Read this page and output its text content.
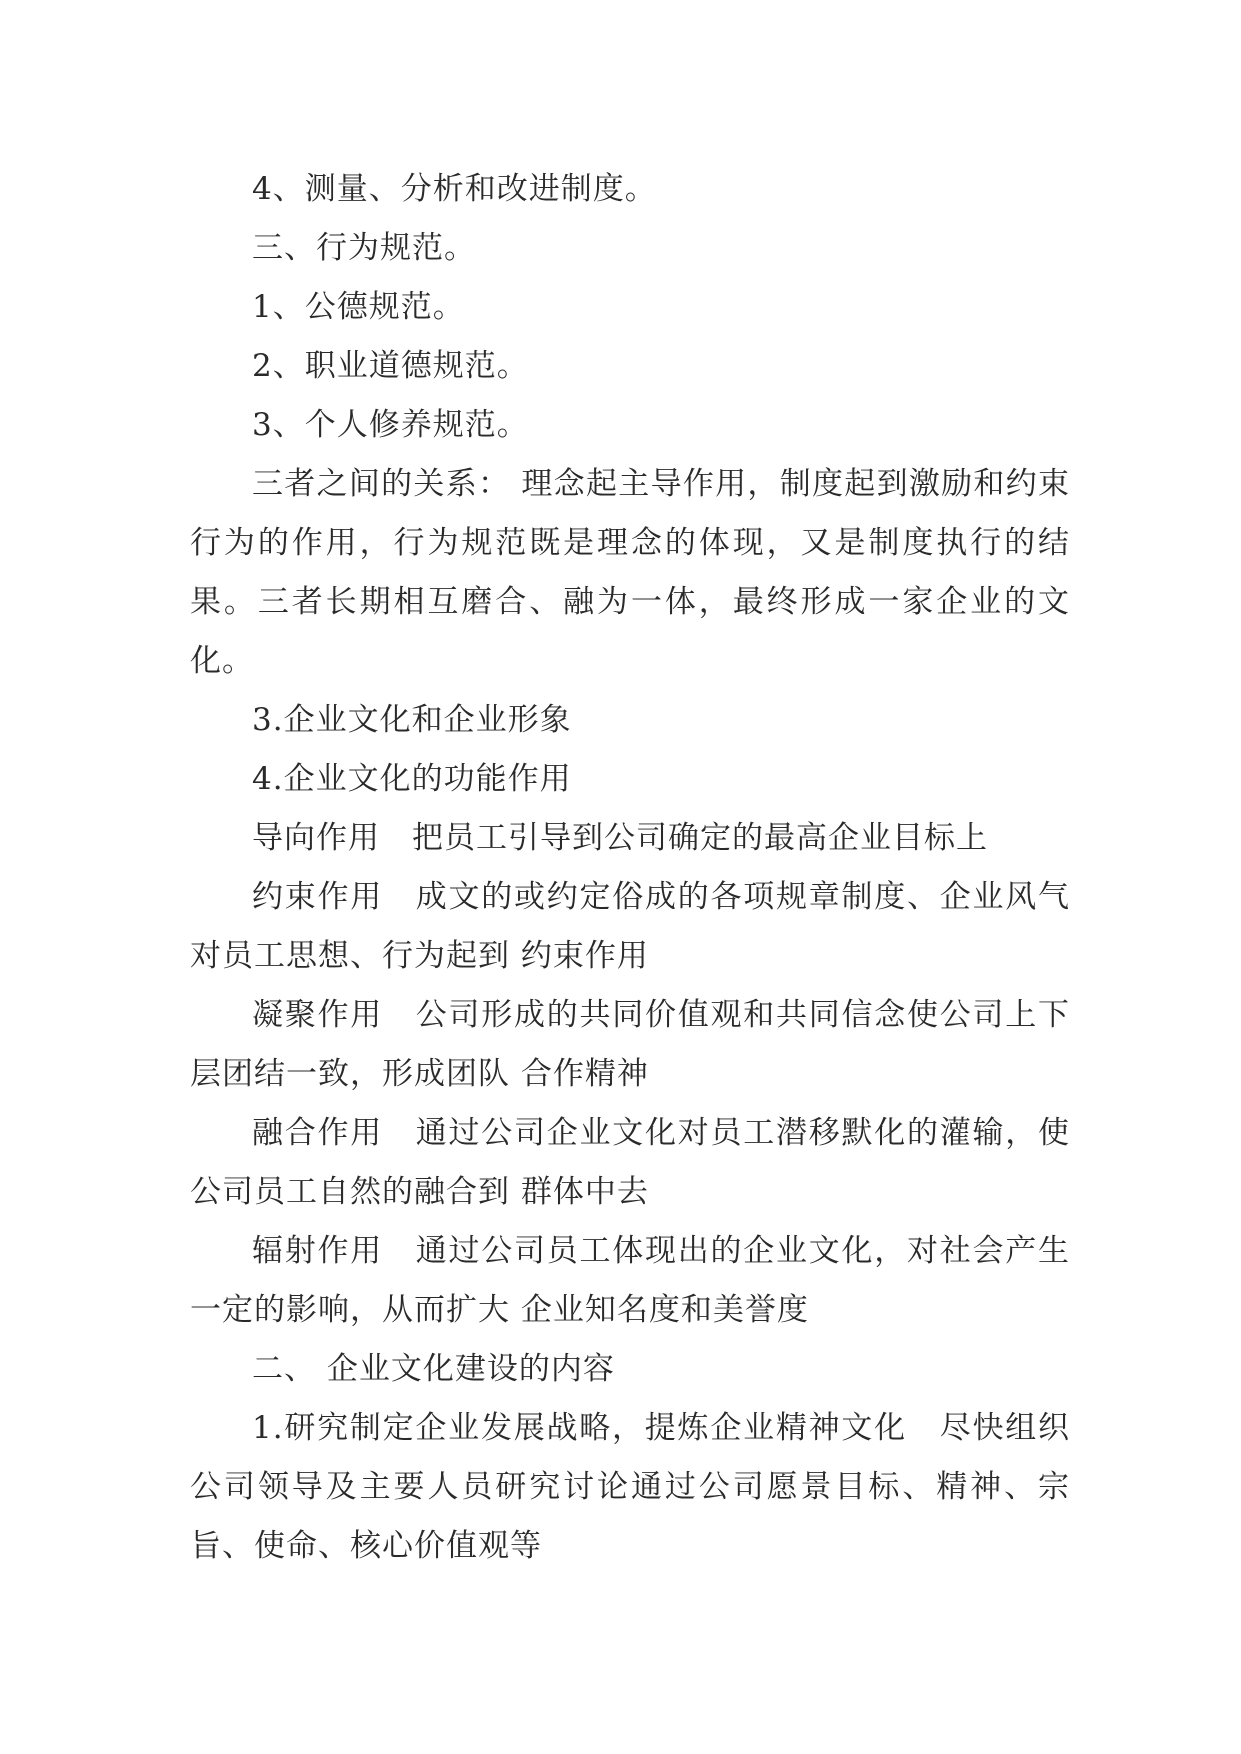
4、测量、分析和改进制度。

三、行为规范。

1、公德规范。

2、职业道德规范。

3、个人修养规范。

三者之间的关系： 理念起主导作用，制度起到激励和约束行为的作用，行为规范既是理念的体现，又是制度执行的结果。三者长期相互磨合、融为一体，最终形成一家企业的文化。

3.企业文化和企业形象

4.企业文化的功能作用

导向作用　把员工引导到公司确定的最高企业目标上

约束作用　成文的或约定俗成的各项规章制度、企业风气对员工思想、行为起到 约束作用

凝聚作用　公司形成的共同价值观和共同信念使公司上下层团结一致，形成团队 合作精神

融合作用　通过公司企业文化对员工潜移默化的灌输，使公司员工自然的融合到 群体中去

辐射作用　通过公司员工体现出的企业文化，对社会产生一定的影响，从而扩大 企业知名度和美誉度

二、 企业文化建设的内容

1.研究制定企业发展战略，提炼企业精神文化　尽快组织公司领导及主要人员研究讨论通过公司愿景目标、精神、宗旨、使命、核心价值观等
